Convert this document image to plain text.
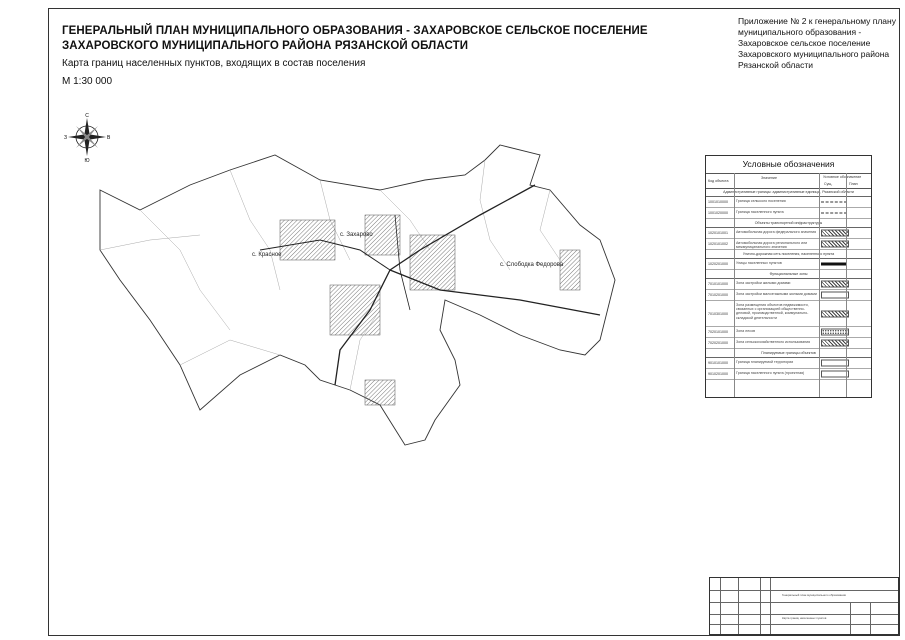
ГЕНЕРАЛЬНЫЙ ПЛАН МУНИЦИПАЛЬНОГО ОБРАЗОВАНИЯ - ЗАХАРОВСКОЕ СЕЛЬСКОЕ ПОСЕЛЕНИЕ
ЗАХАРОВСКОГО МУНИЦИПАЛЬНОГО РАЙОНА РЯЗАНСКОЙ ОБЛАСТИ
Карта границ населенных пунктов, входящих в состав поселения
М 1:30 000
Приложение № 2 к генеральному плану
муниципального образования -
Захаровское сельское поселение
Захаровского муниципального района
Рязанской области
С
Ю
З	В
с. Захарово
с. Красное
с. Слободка Федорова
Условные обозначения
Код объекта
Значение	Условное обозначение
Сущ.	План
Административные границы: административные единицы, Рязанской области
1001010000	Граница сельского поселения
1001020000	Граница населенного пункта
Объекты транспортной инфраструктуры
1020101001	Автомобильная дорога федерального значения
1020101002	Автомобильная дорога регионального или межмуниципального значения
Улично-дорожная сеть поселения, населенного пункта
1020201000	Улицы населенных пунктов
Функциональные зоны
7010101000	Зона застройки жилыми домами
7010201000	Зона застройки малоэтажными жилыми домами
7010301000
Зона размещения объектов недвижимости, связанных с организацией общественно-деловой, производственной, коммунально-складской деятельности
7020101000	Зона лесов
7020201000	Зона сельскохозяйственного использования
Планируемые границы объектов
9010101000	Граница планируемой территории
9010201000	Граница населенного пункта (проектная)
Генеральный план муниципального образования
Карта границ населенных пунктов
